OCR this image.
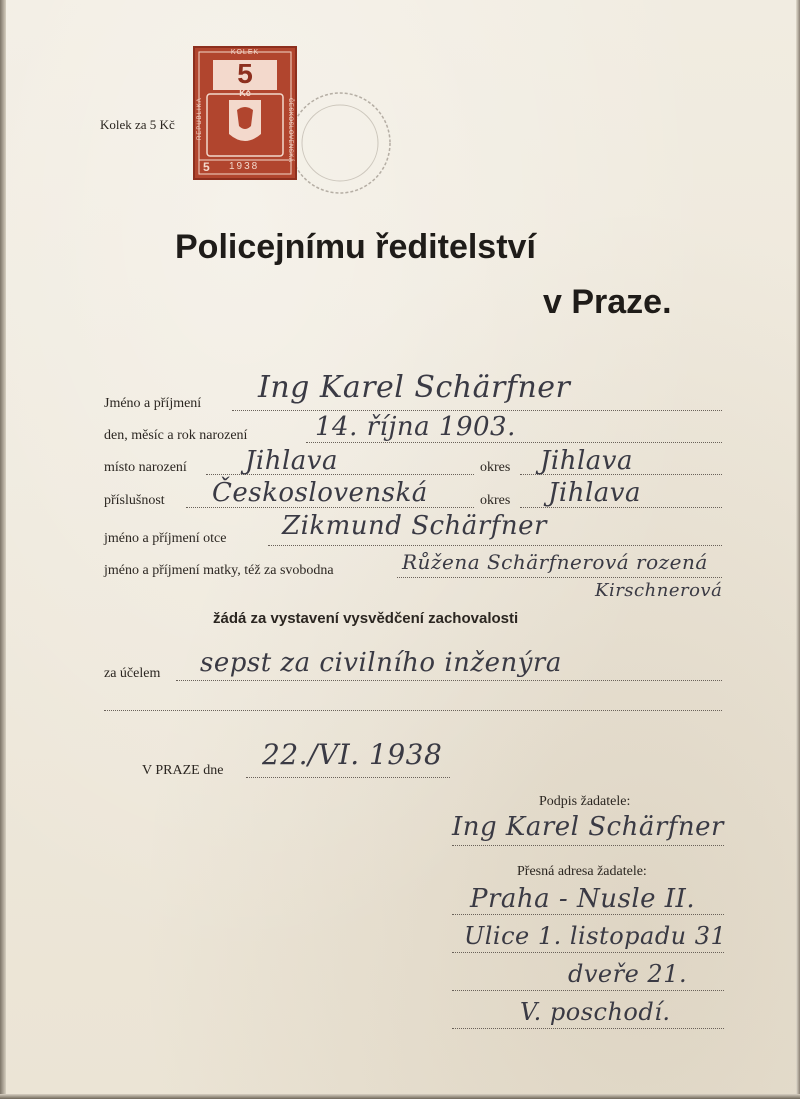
KOLEK
5
Kč
REPUBLIKA	ČESKOSLOVENSKÁ
5 1938
Kolek za 5 Kč
Policejnímu ředitelství
v Praze.
Jméno a příjmení Ing Karel Schärfner
den, měsíc a rok narození	14. října 1903.
místo narození Jihlava	okres Jihlava
příslušnost Československá	okres Jihlava
jméno a příjmení otce Zikmund Schärfner
jméno a příjmení matky, též za svobodna	Růžena Schärfnerová rozená
Kirschnerová
žádá za vystavení vysvědčení zachovalosti
za účelem sepst za civilního inženýra
V PRAZE dne 22./VI. 1938
Podpis žadatele:
Ing Karel Schärfner
Přesná adresa žadatele:
Praha - Nusle II.
Ulice 1. listopadu 31
dveře 21.
V. poschodí.
